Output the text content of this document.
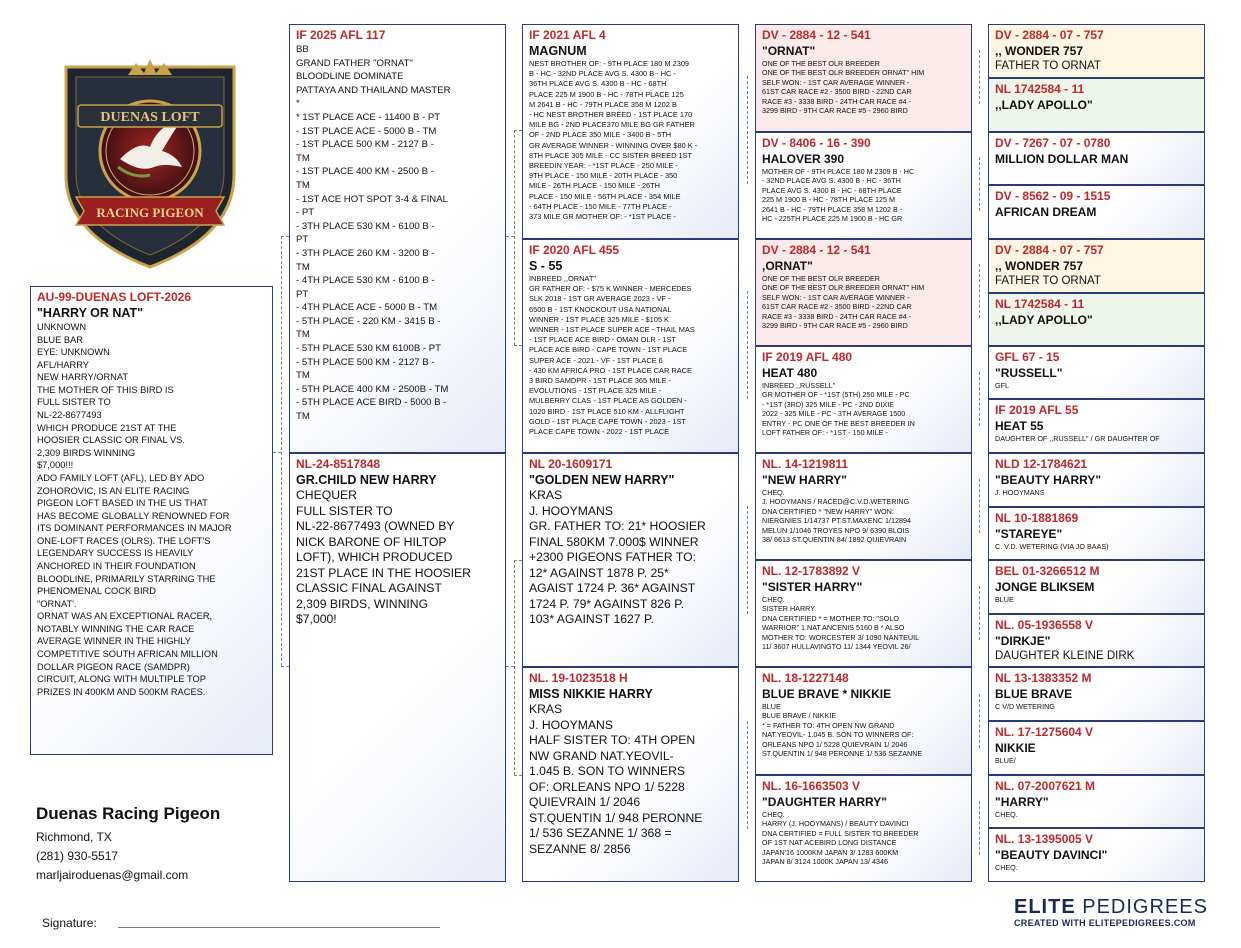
DUENAS LOFT
RACING PIGEON
AU-99-DUENAS LOFT-2026
"HARRY OR NAT"
UNKNOWN
BLUE BAR
EYE: UNKNOWN
AFL/HARRY
NEW HARRY/ORNAT
THE MOTHER OF THIS BIRD IS
FULL SISTER TO
NL-22-8677493
WHICH PRODUCE 21ST AT THE
HOOSIER CLASSIC OR FINAL VS.
2,309 BIRDS WINNING
$7,000!!!
ADO FAMILY LOFT (AFL), LED BY ADO
ZOHOROVIC, IS AN ELITE RACING
PIGEON LOFT BASED IN THE US THAT
HAS BECOME GLOBALLY RENOWNED FOR
ITS DOMINANT PERFORMANCES IN MAJOR
ONE-LOFT RACES (OLRS). THE LOFT'S
LEGENDARY SUCCESS IS HEAVILY
ANCHORED IN THEIR FOUNDATION
BLOODLINE, PRIMARILY STARRING THE
PHENOMENAL COCK BIRD
"ORNAT'.
ORNAT WAS AN EXCEPTIONAL RACER,
NOTABLY WINNING THE CAR RACE
AVERAGE WINNER IN THE HIGHLY
COMPETITIVE SOUTH AFRICAN MILLION
DOLLAR PIGEON RACE (SAMDPR)
CIRCUIT, ALONG WITH MULTIPLE TOP
PRIZES IN 400KM AND 500KM RACES.
IF 2025 AFL 117
BB
GRAND FATHER "ORNAT"
BLOODLINE DOMINATE
PATTAYA AND THAILAND MASTER
*
* 1ST PLACE ACE - 11400 B - PT
- 1ST PLACE ACE - 5000 B - TM
- 1ST PLACE 500 KM - 2127 B -
TM
- 1ST PLACE 400 KM - 2500 B -
TM
- 1ST ACE HOT SPOT 3-4 & FINAL
- PT
- 3TH PLACE 530 KM - 6100 B -
PT
- 3TH PLACE 260 KM - 3200 B -
TM
- 4TH PLACE 530 KM - 6100 B -
PT
- 4TH PLACE ACE - 5000 B - TM
- 5TH PLACE - 220 KM - 3415 B -
TM
- 5TH PLACE 530 KM 6100B - PT
- 5TH PLACE 500 KM - 2127 B -
TM
- 5TH PLACE 400 KM - 2500B - TM
- 5TH PLACE ACE BIRD - 5000 B -
TM
NL-24-8517848
GR.CHILD NEW HARRY
CHEQUER
FULL SISTER TO
NL-22-8677493 (OWNED BY
NICK BARONE OF HILTOP
LOFT), WHICH PRODUCED
21ST PLACE IN THE HOOSIER
CLASSIC FINAL AGAINST
2,309 BIRDS, WINNING
$7,000!
IF 2021 AFL 4
MAGNUM
NEST BROTHER OF: - 9TH PLACE 180 M 2309
B - HC - 32ND PLACE AVG S. 4300 B - HC -
36TH PLACE AVG S. 4300 B - HC - 68TH
PLACE 225 M 1900 B - HC - 78TH PLACE 125
M 2641 B - HC - 79TH PLACE 358 M 1202 B
- HC NEST BROTHER BREED - 1ST PLACE 170
MILE BG - 2ND PLACE370 MILE BG GR FATHER
OF - 2ND PLACE 350 MILE - 3400 B - 5TH
GR AVERAGE WINNER - WINNING OVER $80 K -
8TH PLACE 305 MILE - CC SISTER BREED 1ST
BREEDIN YEAR: - *1ST PLACE - 250 MILE -
9TH PLACE - 150 MILE - 20TH PLACE - 350
MILE - 26TH PLACE - 150 MILE - 26TH
PLACE - 150 MILE - 56TH PLACE - 354 MILE
- 64TH PLACE - 150 MILE - 77TH PLACE -
373 MILE GR MOTHER OF: - *1ST PLACE -
IF 2020 AFL 455
S - 55
INBREED ,,ORNAT"
GR FATHER OF: - $75 K WINNER - MERCEDES
SLK 2018 - 1ST GR AVERAGE 2023 - VF -
6500 B - 1ST KNOCKOUT USA NATIONAL
WINNER - 1ST PLACE 325 MILE - $105 K
WINNER - 1ST PLACE SUPER ACE - THAIL MAS
- 1ST PLACE ACE BIRD - OMAN OLR - 1ST
PLACE ACE BIRD - CAPE TOWN - 1ST PLACE
SUPER ACE - 2021 - VF - 1ST PLACE 6
- 430 KM AFRICA PRO - 1ST PLACE CAR RACE
3 BIRD SAMDPR - 1ST PLACE 365 MILE -
EVOLUTIONS - 1ST PLACE 325 MILE -
MULBERRY CLAS - 1ST PLACE AS GOLDEN -
1020 BIRD - 1ST PLACE 510 KM - ALLFLIGHT
GOLD - 1ST PLACE CAPE TOWN - 2023 - 1ST
PLACE CAPE TOWN - 2022 - 1ST PLACE
NL 20-1609171
"GOLDEN NEW HARRY"
KRAS
J. HOOYMANS
GR. FATHER TO: 21* HOOSIER
FINAL 580KM 7.000$ WINNER
+2300 PIGEONS FATHER TO:
12* AGAINST 1878 P. 25*
AGAIST 1724 P. 36* AGAINST
1724 P. 79* AGAINST 826 P.
103* AGAINST 1627 P.
NL. 19-1023518 H
MISS NIKKIE HARRY
KRAS
J. HOOYMANS
HALF SISTER TO: 4TH OPEN
NW GRAND NAT.YEOVIL-
1.045 B. SON TO WINNERS
OF: ORLEANS NPO 1/ 5228
QUIEVRAIN 1/ 2046
ST.QUENTIN 1/ 948 PERONNE
1/ 536 SEZANNE 1/ 368 =
SEZANNE 8/ 2856
DV - 2884 - 12 - 541
"ORNAT"
ONE OF THE BEST OLR BREEDER
ONE OF THE BEST OLR BREEDER ORNAT" HIM
SELF WON: - 1ST CAR AVERAGE WINNER -
61ST CAR RACE #2 - 3500 BIRD - 22ND CAR
RACE #3 - 3338 BIRD - 24TH CAR RACE #4 -
3299 BIRD - 9TH CAR RACE #5 - 2960 BIRD
DV - 8406 - 16 - 390
HALOVER 390
MOTHER OF - 9TH PLACE 180 M 2309 B - HC
- 32ND PLACE AVG S. 4300 B - HC - 36TH
PLACE AVG S. 4300 B - HC - 68TH PLACE
225 M 1900 B - HC - 78TH PLACE 125 M
2641 B - HC - 79TH PLACE 358 M 1202 B -
HC - 225TH PLACE 225 M 1900 B - HC GR
DV - 2884 - 12 - 541
,ORNAT"
ONE OF THE BEST OLR BREEDER
ONE OF THE BEST OLR BREEDER ORNAT" HIM
SELF WON: - 1ST CAR AVERAGE WINNER -
61ST CAR RACE #2 - 3500 BIRD - 22ND CAR
RACE #3 - 3338 BIRD - 24TH CAR RACE #4 -
3299 BIRD - 9TH CAR RACE #5 - 2960 BIRD
IF 2019 AFL 480
HEAT 480
INBREED ,,RUSSELL"
GR MOTHER OF - *1ST (5TH) 250 MILE - PC
- *1ST (3RD) 325 MILE - PC - 2ND DIXIE
2022 - 325 MILE - PC - 3TH AVERAGE 1500
ENTRY - PC ONE OF THE BEST BREEDER IN
LOFT FATHER OF: - *1ST - 150 MILE -
NL. 14-1219811
"NEW HARRY"
CHEQ.
J. HOOYMANS / RACED@C.V.D.WETERING
DNA CERTIFIED * "NEW HARRY" WON:
NIERGNIES 1/14737 PT.ST.MAXENC 1/12894
MELUN 1/1046 TROYES NPO 9/ 6390 BLOIS
38/ 6613 ST.QUENTIN 84/ 1892 QUIEVRAIN
NL. 12-1783892 V
"SISTER HARRY"
CHEQ.
SISTER HARRY
DNA CERTIFIED * = MOTHER TO: "SOLO
WARRIOR" 1.NAT.ANCENIS 5160 B * ALSO
MOTHER TO: WORCESTER 3/ 1090 NANTEUIL
11/ 3607 HULLAVINGTO 11/ 1344 YEOVIL 26/
NL. 18-1227148
BLUE BRAVE * NIKKIE
BLUE
BLUE BRAVE / NIKKIE
* = FATHER TO: 4TH OPEN NW GRAND
NAT.YEOVIL- 1.045 B. SON TO WINNERS OF:
ORLEANS NPO 1/ 5228 QUIEVRAIN 1/ 2046
ST.QUENTIN 1/ 948 PERONNE 1/ 536 SEZANNE
NL. 16-1663503 V
"DAUGHTER HARRY"
CHEQ.
HARRY (J. HOOYMANS) / BEAUTY DAVINCI
DNA CERTIFIED = FULL SISTER TO BREEDER
OF 1ST NAT ACEBIRD LONG DISTANCE
JAPAN'16 1000KM JAPAN 3/ 1283 600KM
JAPAN 8/ 3124 1000K JAPAN 13/ 4346
DV - 2884 - 07 - 757
,, WONDER 757
FATHER TO ORNAT
NL 1742584 - 11
,,LADY APOLLO"
DV - 7267 - 07 - 0780
MILLION DOLLAR MAN
DV - 8562 - 09 - 1515
AFRICAN DREAM
DV - 2884 - 07 - 757
,, WONDER 757
FATHER TO ORNAT
NL 1742584 - 11
,,LADY APOLLO"
GFL 67 - 15
"RUSSELL"
GFL
IF 2019 AFL 55
HEAT 55
DAUGHTER OF ,,RUSSELL" / GR DAUGHTER OF
NLD 12-1784621
"BEAUTY HARRY"
J. HOOYMANS
NL 10-1881869
"STAREYE"
C. V.D. WETERING (VIA JO BAAS)
BEL 01-3266512 M
JONGE BLIKSEM
BLUE
NL. 05-1936558 V
"DIRKJE"
DAUGHTER KLEINE DIRK
NL 13-1383352 M
BLUE BRAVE
C V/D WETERING
NL. 17-1275604 V
NIKKIE
BLUE/
NL. 07-2007621 M
"HARRY"
CHEQ.
NL. 13-1395005 V
"BEAUTY DAVINCI"
CHEQ.
Duenas Racing Pigeon
Richmond, TX
(281) 930-5517
marljairoduenas@gmail.com
Signature:
ELITE PEDIGREES
CREATED WITH ELITEPEDIGREES.COM
